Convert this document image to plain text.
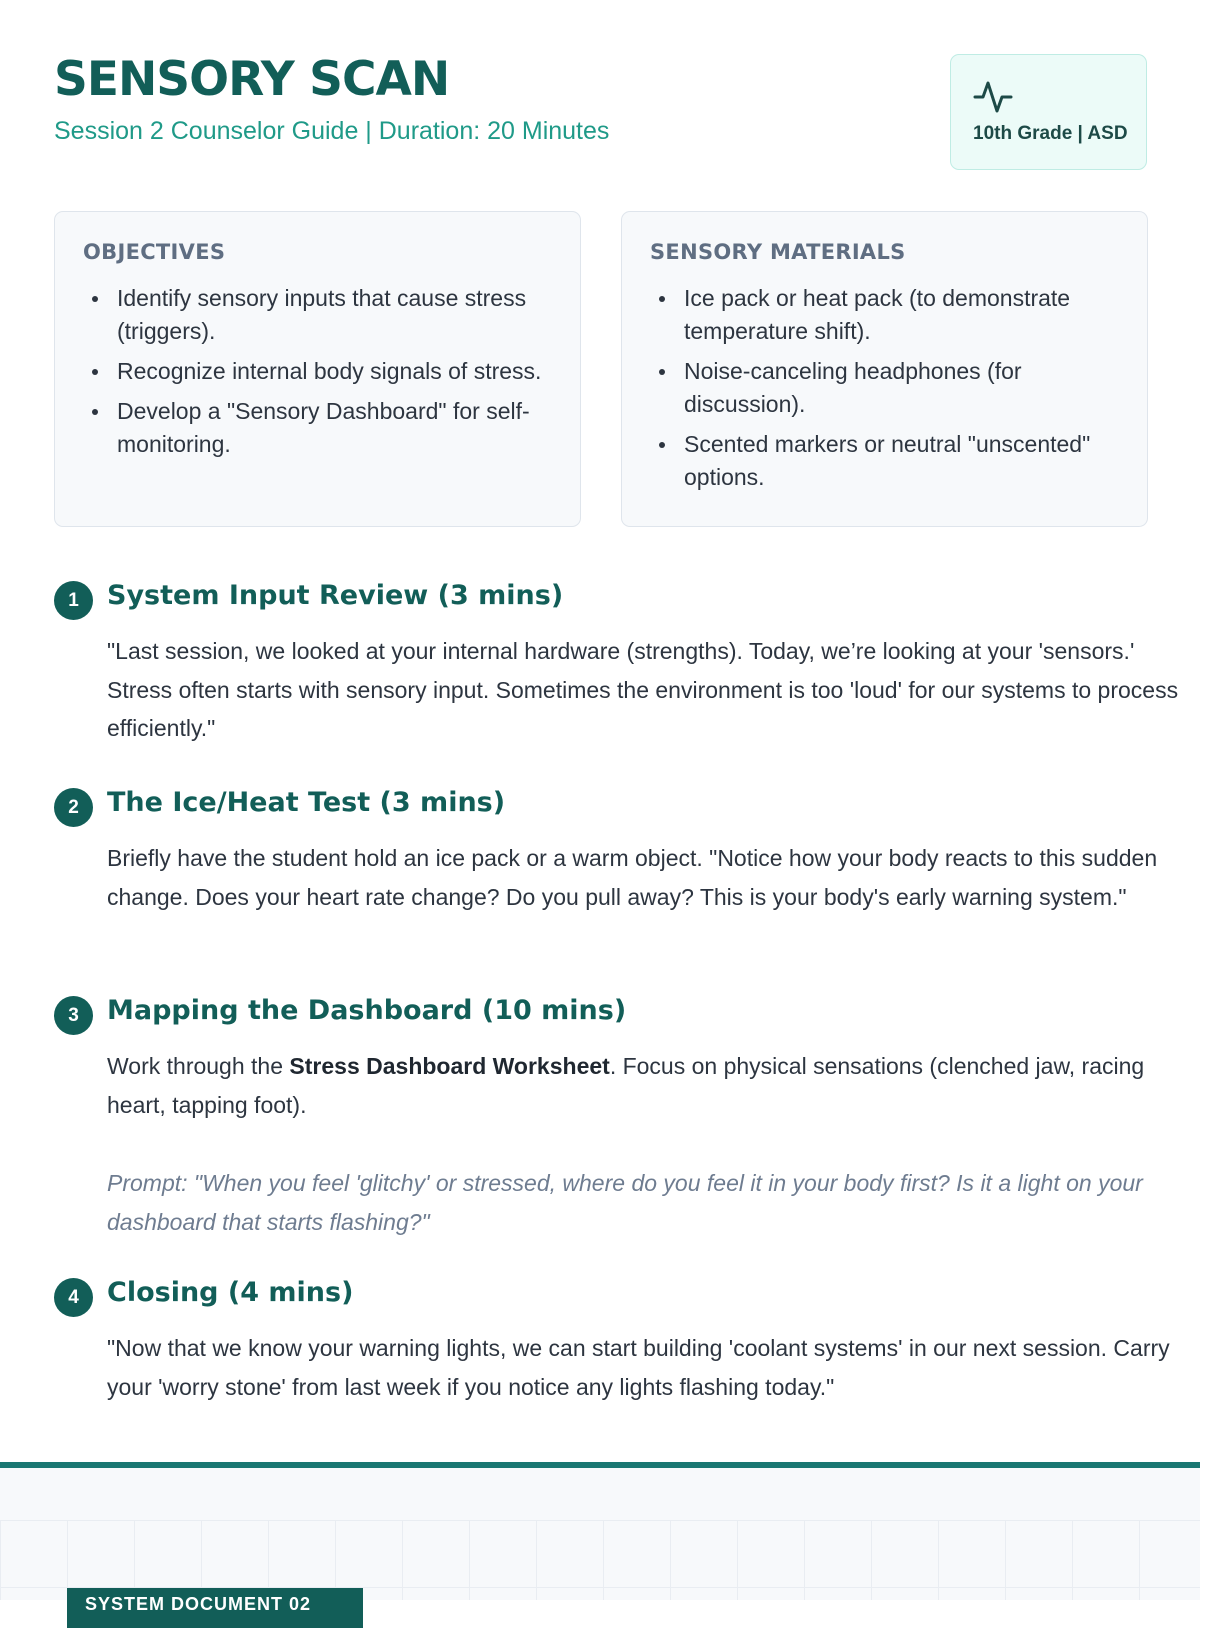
SENSORY SCAN
Session 2 Counselor Guide | Duration: 20 Minutes	10th Grade | ASD
OBJECTIVES
Identify sensory inputs that cause stress (triggers).
Recognize internal body signals of stress.
Develop a "Sensory Dashboard" for self-monitoring.
SENSORY MATERIALS
Ice pack or heat pack (to demonstrate temperature shift).
Noise-canceling headphones (for discussion).
Scented markers or neutral "unscented" options.
1	System Input Review (3 mins)

"Last session, we looked at your internal hardware (strengths). Today, we’re looking at your 'sensors.' Stress often starts with sensory input. Sometimes the environment is too 'loud' for our systems to process efficiently."

2	The Ice/Heat Test (3 mins)

Briefly have the student hold an ice pack or a warm object. "Notice how your body reacts to this sudden change. Does your heart rate change? Do you pull away? This is your body's early warning system."

3	Mapping the Dashboard (10 mins)

Work through the Stress Dashboard Worksheet. Focus on physical sensations (clenched jaw, racing heart, tapping foot).

Prompt: "When you feel 'glitchy' or stressed, where do you feel it in your body first? Is it a light on your dashboard that starts flashing?"

4	Closing (4 mins)

"Now that we know your warning lights, we can start building 'coolant systems' in our next session. Carry your 'worry stone' from last week if you notice any lights flashing today."

SYSTEM DOCUMENT 02
